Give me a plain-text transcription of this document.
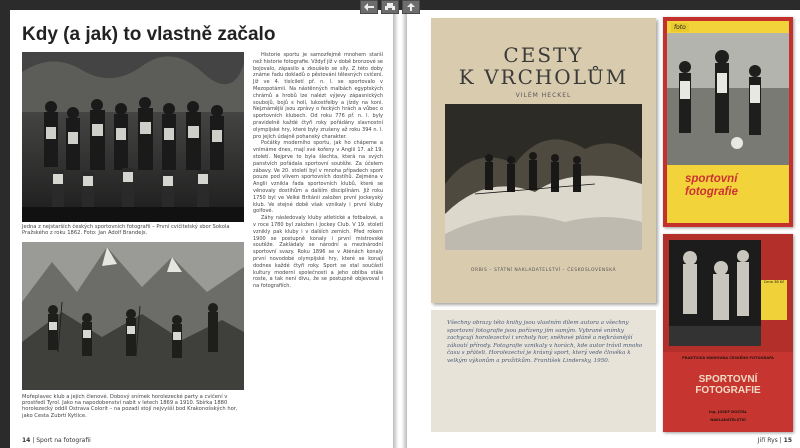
Kdy (a jak) to vlastně začalo
Jedna z nejstarších českých sportovních fotografií – První cvičitelský sbor Sokola Pražského z roku 1862. Foto: Jan Adolf Brandejs.
Mořeplavec klub a jejich členové. Dobový snímek horolezecké party a cvičení v prostředí Tyrol. Jako na napodobenství nabit v letech 1869 a 1910. Sbírka 1880 horolezecký oddíl Ostrava Colorit – na pozadí stojí nejvyšší bod Krakonošských hor, jako Cesta Zubrtí Kytlice.

Historie sportu je samozřejmě mnohem starší než historie fotografie. Vždyť již v době bronzové se bojovalo, zápasilo a zkoušelo se síly. Z této doby známe řadu dokladů o pěstování tělesných cvičení. Již ve 4. tisíciletí př. n. l. se sportovalo v Mezopotámii. Na nástěnných malbách egyptských chrámů a hrobů lze nalézt výjevy zápasnických soubojů, bojů s holí, lukostřelby a jízdy na koni. Nejznámější jsou zprávy o řeckých hrách a vůbec o sportovních klubech. Od roku 776 př. n. l. byly pravidelně každé čtyři roky pořádány slavnostní olympijské hry, které byly zrušeny až roku 394 n. l. pro jejich údajně pohanský charakter.

Počátky moderního sportu, jak ho chápeme a vnímáme dnes, mají své kořeny v Anglii 17. až 19. století. Nejprve to byla šlechta, která na svých panstvích pořádala sportovní soutěže. Za účelem zábavy. Ve 20. století byl v mnoha případech sport pouze pod vlivem sportovních dostihů. Zejména v Anglii vznikla řada sportovních klubů, které se věnovaly dostihům a dalším disciplínám. Již roku 1750 byl ve Velké Británii založen první jockeyský klub. Ve stejné době však vznikaly i první kluby golfové.

Záhy následovaly kluby atletické a fotbalové, a v roce 1780 byl založen i Jockey Club. V 19. století vznikly pak kluby i v dalších zemích. Před rokem 1900 se postupně konaly i první mistrovské soutěže. Zakládaly se národní a mezinárodní sportovní svazy. Roku 1896 se v Aténách konaly první novodobé olympijské hry, které se konají dodnes každé čtyři roky. Sport se stal součástí kultury moderní společnosti a jeho obliba stále roste, a tak není divu, že se postupně objevoval i na fotografiích.

14 | Sport na fotografii
CESTY
K VRCHOLŮM
VILÉM HECKEL
ORBIS – STÁTNÍ NAKLADATELSTVÍ – ČESKOSLOVENSKÁ
Všechny obrazy této knihy jsou vlastním dílem autora a všechny sportovní fotografie jsou pořízeny jím samým. Vybrané snímky zachycují horolezectví i vrcholy hor, sněhové pláně a nejkrásnější zákoutí přírody. Fotografie vznikaly v horách, kde autor trávil mnoho času s přáteli. Horolezectví je krásný sport, který vede člověka k velkým výkonům a prožitkům. František Lindersky, 1950.
foto
sportovní
fotografie
Cena 36 Kč
PRAKTICKÁ KNIHOVNA ČESKÉHO FOTOGRAFA
SPORTOVNÍ
FOTOGRAFIE
Ing. JOSEF DOSTAL
NAKLADATELSTVÍ
Jiří Rys | 15
